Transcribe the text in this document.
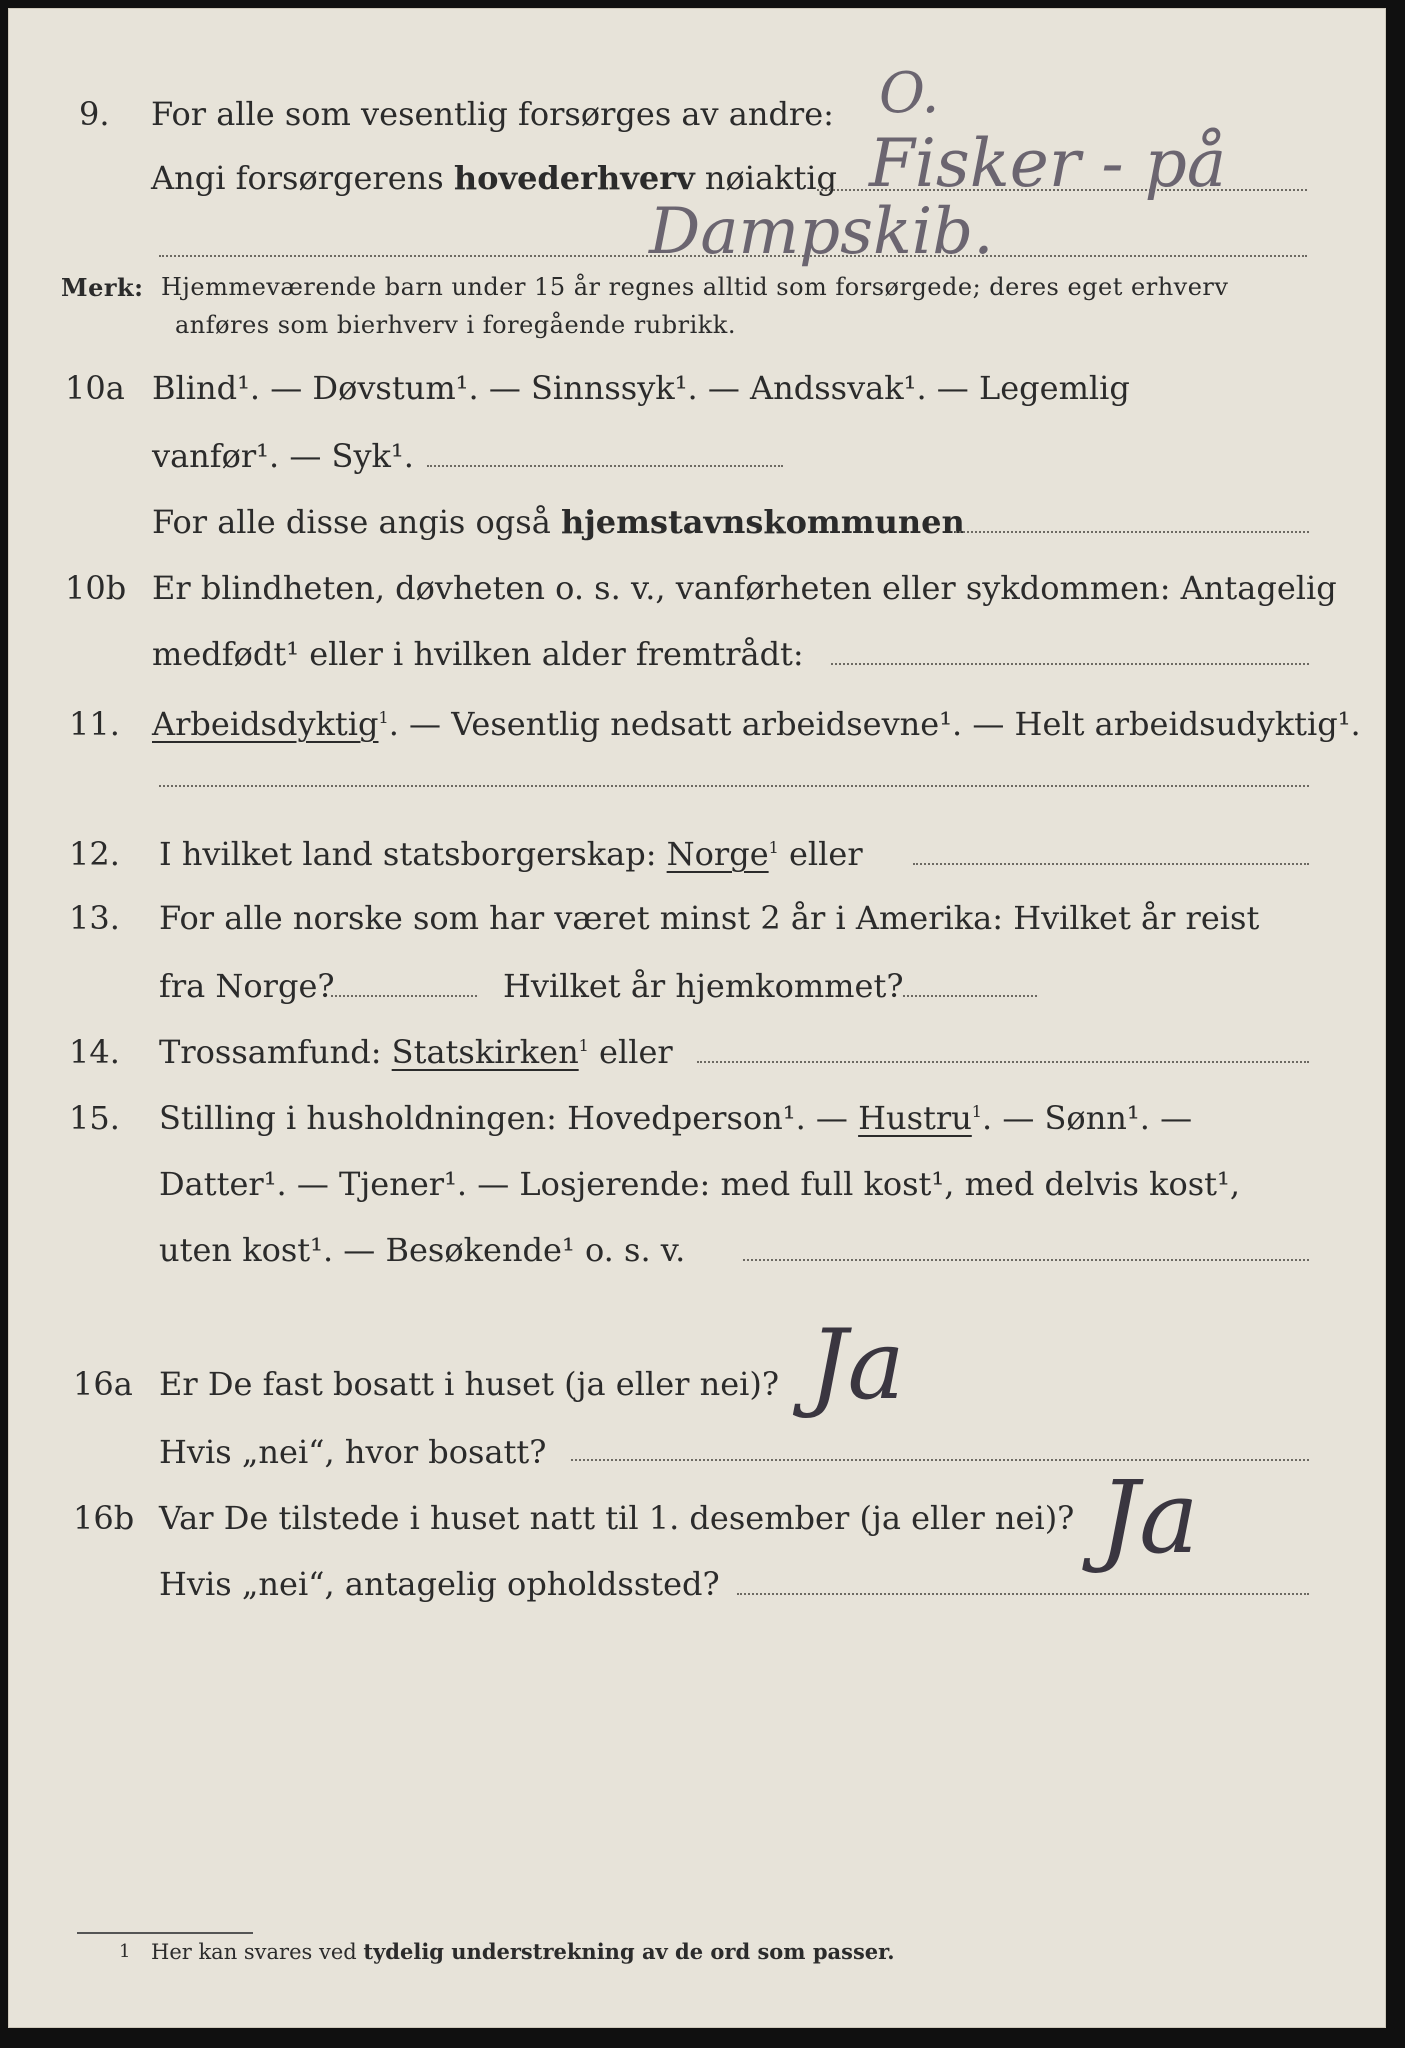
9. For alle som vesentlig forsørges av andre:
Angi forsørgerens hovederhverv nøiaktig
O.
Fisker - på
Dampskib.
Merk: Hjemmeværende barn under 15 år regnes alltid som forsørgede; deres eget erhverv
anføres som bierhverv i foregående rubrikk.
10a Blind¹. — Døvstum¹. — Sinnssyk¹. — Andssvak¹. — Legemlig
vanfør¹. — Syk¹.
For alle disse angis også hjemstavnskommunen
10b Er blindheten, døvheten o. s. v., vanførheten eller sykdommen: Antagelig
medfødt¹ eller i hvilken alder fremtrådt:
11. Arbeidsdyktig$^1$. — Vesentlig nedsatt arbeidsevne¹. — Helt arbeidsudyktig¹.
12. I hvilket land statsborgerskap: Norge$^1$ eller
13. For alle norske som har været minst 2 år i Amerika: Hvilket år reist
fra Norge?	Hvilket år hjemkommet?
14. Trossamfund: Statskirken$^1$ eller
15. Stilling i husholdningen: Hovedperson¹. — Hustru$^1$. — Sønn¹. —
Datter¹. — Tjener¹. — Losjerende: med full kost¹, med delvis kost¹,
uten kost¹. — Besøkende¹ o. s. v.
16a Er De fast bosatt i huset (ja eller nei)?
Hvis „nei“, hvor bosatt?
Ja
16b Var De tilstede i huset natt til 1. desember (ja eller nei)?
Hvis „nei“, antagelig opholdssted?
Ja
1 Her kan svares ved tydelig understrekning av de ord som passer.
